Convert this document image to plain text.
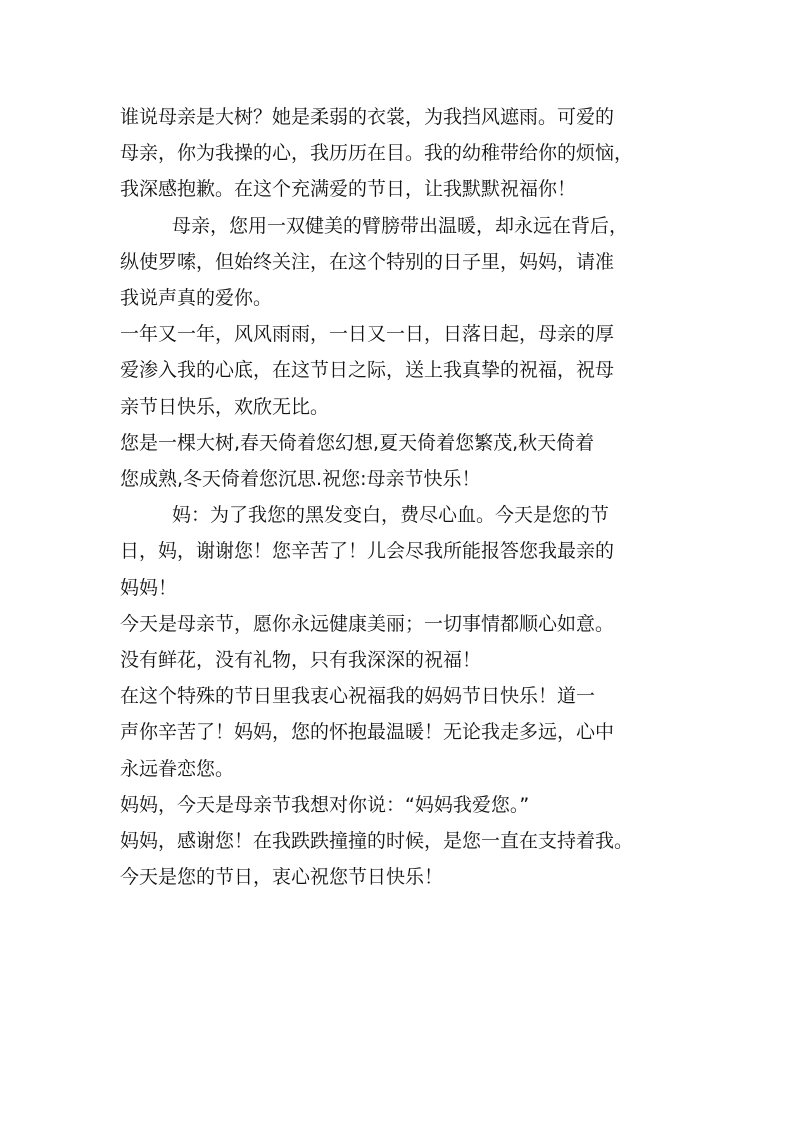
谁说母亲是大树？她是柔弱的衣裳，为我挡风遮雨。可爱的
母亲，你为我操的心，我历历在目。我的幼稚带给你的烦恼，
我深感抱歉。在这个充满爱的节日，让我默默祝福你！

母亲，您用一双健美的臂膀带出温暖，却永远在背后，
纵使罗嗦，但始终关注，在这个特别的日子里，妈妈，请准
我说声真的爱你。

一年又一年，风风雨雨，一日又一日，日落日起，母亲的厚
爱渗入我的心底，在这节日之际，送上我真挚的祝福，祝母
亲节日快乐，欢欣无比。

您是一棵大树,春天倚着您幻想,夏天倚着您繁茂,秋天倚着
您成熟,冬天倚着您沉思.祝您:母亲节快乐！

妈：为了我您的黑发变白，费尽心血。今天是您的节
日，妈，谢谢您！您辛苦了！儿会尽我所能报答您我最亲的
妈妈！

今天是母亲节，愿你永远健康美丽；一切事情都顺心如意。
没有鲜花，没有礼物，只有我深深的祝福！

在这个特殊的节日里我衷心祝福我的妈妈节日快乐！道一
声你辛苦了！妈妈，您的怀抱最温暖！无论我走多远，心中
永远眷恋您。

妈妈，今天是母亲节我想对你说：“妈妈我爱您。”

妈妈，感谢您！在我跌跌撞撞的时候，是您一直在支持着我。
今天是您的节日，衷心祝您节日快乐！
